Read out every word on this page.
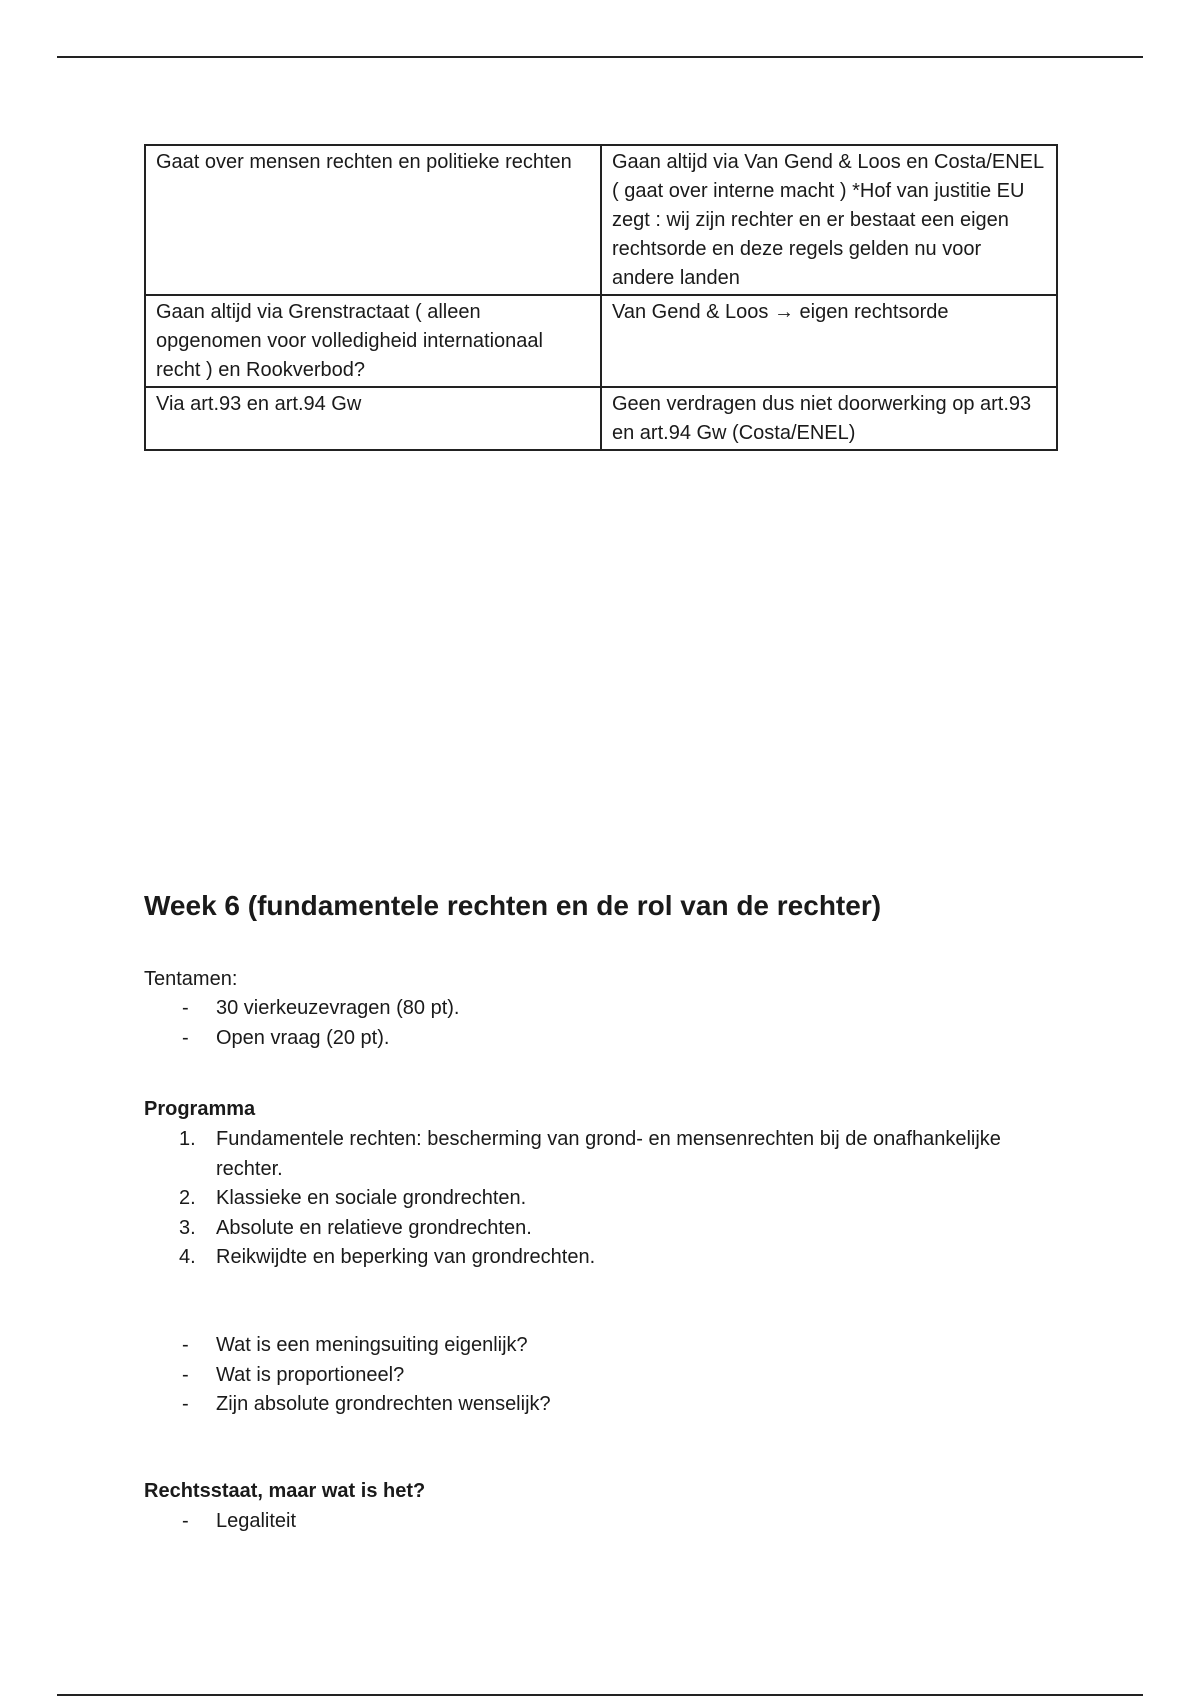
Gaat over mensen rechten en politieke rechten	Gaan altijd via Van Gend & Loos en Costa/ENEL ( gaat over interne macht ) *Hof van justitie EU zegt : wij zijn rechter en er bestaat een eigen rechtsorde en deze regels gelden nu voor andere landen
Gaan altijd via Grenstractaat ( alleen opgenomen voor volledigheid internationaal recht ) en Rookverbod?	Van Gend & Loos → eigen rechtsorde
Via art.93 en art.94 Gw	Geen verdragen dus niet doorwerking op art.93 en art.94 Gw (Costa/ENEL)
Week 6 (fundamentele rechten en de rol van de rechter)

Tentamen:

-	30 vierkeuzevragen (80 pt).
-	Open vraag (20 pt).

Programma

1.	Fundamentele rechten: bescherming van grond- en mensenrechten bij de onafhankelijke rechter.
2.	Klassieke en sociale grondrechten.
3.	Absolute en relatieve grondrechten.
4.	Reikwijdte en beperking van grondrechten.
-	Wat is een meningsuiting eigenlijk?
-	Wat is proportioneel?
-	Zijn absolute grondrechten wenselijk?

Rechtsstaat, maar wat is het?

-	Legaliteit
